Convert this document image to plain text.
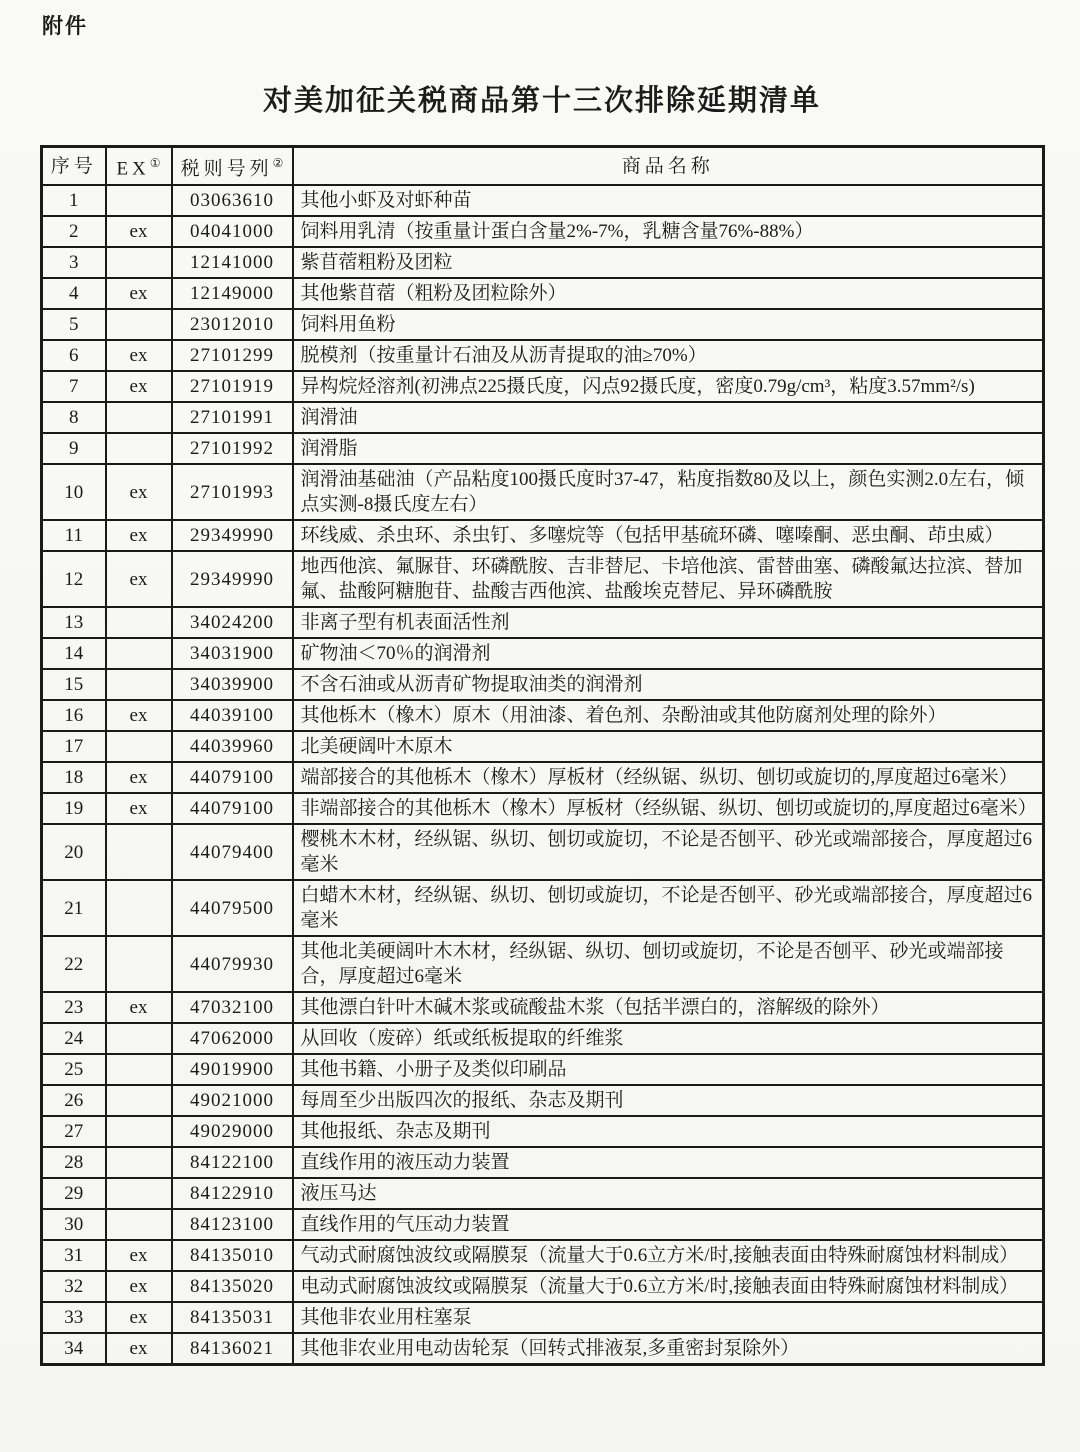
附件
对美加征关税商品第十三次排除延期清单
序号	EX①	税则号列②	商品名称
1		03063610	其他小虾及对虾种苗
2	ex	04041000	饲料用乳清（按重量计蛋白含量2%-7%，乳糖含量76%-88%）
3		12141000	紫苜蓿粗粉及团粒
4	ex	12149000	其他紫苜蓿（粗粉及团粒除外）
5		23012010	饲料用鱼粉
6	ex	27101299	脱模剂（按重量计石油及从沥青提取的油≥70%）
7	ex	27101919	异构烷烃溶剂(初沸点225摄氏度，闪点92摄氏度，密度0.79g/cm³，粘度3.57mm²/s)
8		27101991	润滑油
9		27101992	润滑脂
10	ex	27101993	润滑油基础油（产品粘度100摄氏度时37-47，粘度指数80及以上，颜色实测2.0左右，倾点实测-8摄氏度左右）
11	ex	29349990	环线威、杀虫环、杀虫钉、多噻烷等（包括甲基硫环磷、噻嗪酮、恶虫酮、茚虫威）
12	ex	29349990	地西他滨、氟脲苷、环磷酰胺、吉非替尼、卡培他滨、雷替曲塞、磷酸氟达拉滨、替加氟、盐酸阿糖胞苷、盐酸吉西他滨、盐酸埃克替尼、异环磷酰胺
13		34024200	非离子型有机表面活性剂
14		34031900	矿物油＜70％的润滑剂
15		34039900	不含石油或从沥青矿物提取油类的润滑剂
16	ex	44039100	其他栎木（橡木）原木（用油漆、着色剂、杂酚油或其他防腐剂处理的除外）
17		44039960	北美硬阔叶木原木
18	ex	44079100	端部接合的其他栎木（橡木）厚板材（经纵锯、纵切、刨切或旋切的,厚度超过6毫米）
19	ex	44079100	非端部接合的其他栎木（橡木）厚板材（经纵锯、纵切、刨切或旋切的,厚度超过6毫米）
20		44079400	樱桃木木材，经纵锯、纵切、刨切或旋切，不论是否刨平、砂光或端部接合，厚度超过6毫米
21		44079500	白蜡木木材，经纵锯、纵切、刨切或旋切，不论是否刨平、砂光或端部接合，厚度超过6毫米
22		44079930	其他北美硬阔叶木木材，经纵锯、纵切、刨切或旋切，不论是否刨平、砂光或端部接合，厚度超过6毫米
23	ex	47032100	其他漂白针叶木碱木浆或硫酸盐木浆（包括半漂白的，溶解级的除外）
24		47062000	从回收（废碎）纸或纸板提取的纤维浆
25		49019900	其他书籍、小册子及类似印刷品
26		49021000	每周至少出版四次的报纸、杂志及期刊
27		49029000	其他报纸、杂志及期刊
28		84122100	直线作用的液压动力装置
29		84122910	液压马达
30		84123100	直线作用的气压动力装置
31	ex	84135010	气动式耐腐蚀波纹或隔膜泵（流量大于0.6立方米/时,接触表面由特殊耐腐蚀材料制成）
32	ex	84135020	电动式耐腐蚀波纹或隔膜泵（流量大于0.6立方米/时,接触表面由特殊耐腐蚀材料制成）
33	ex	84135031	其他非农业用柱塞泵
34	ex	84136021	其他非农业用电动齿轮泵（回转式排液泵,多重密封泵除外）
